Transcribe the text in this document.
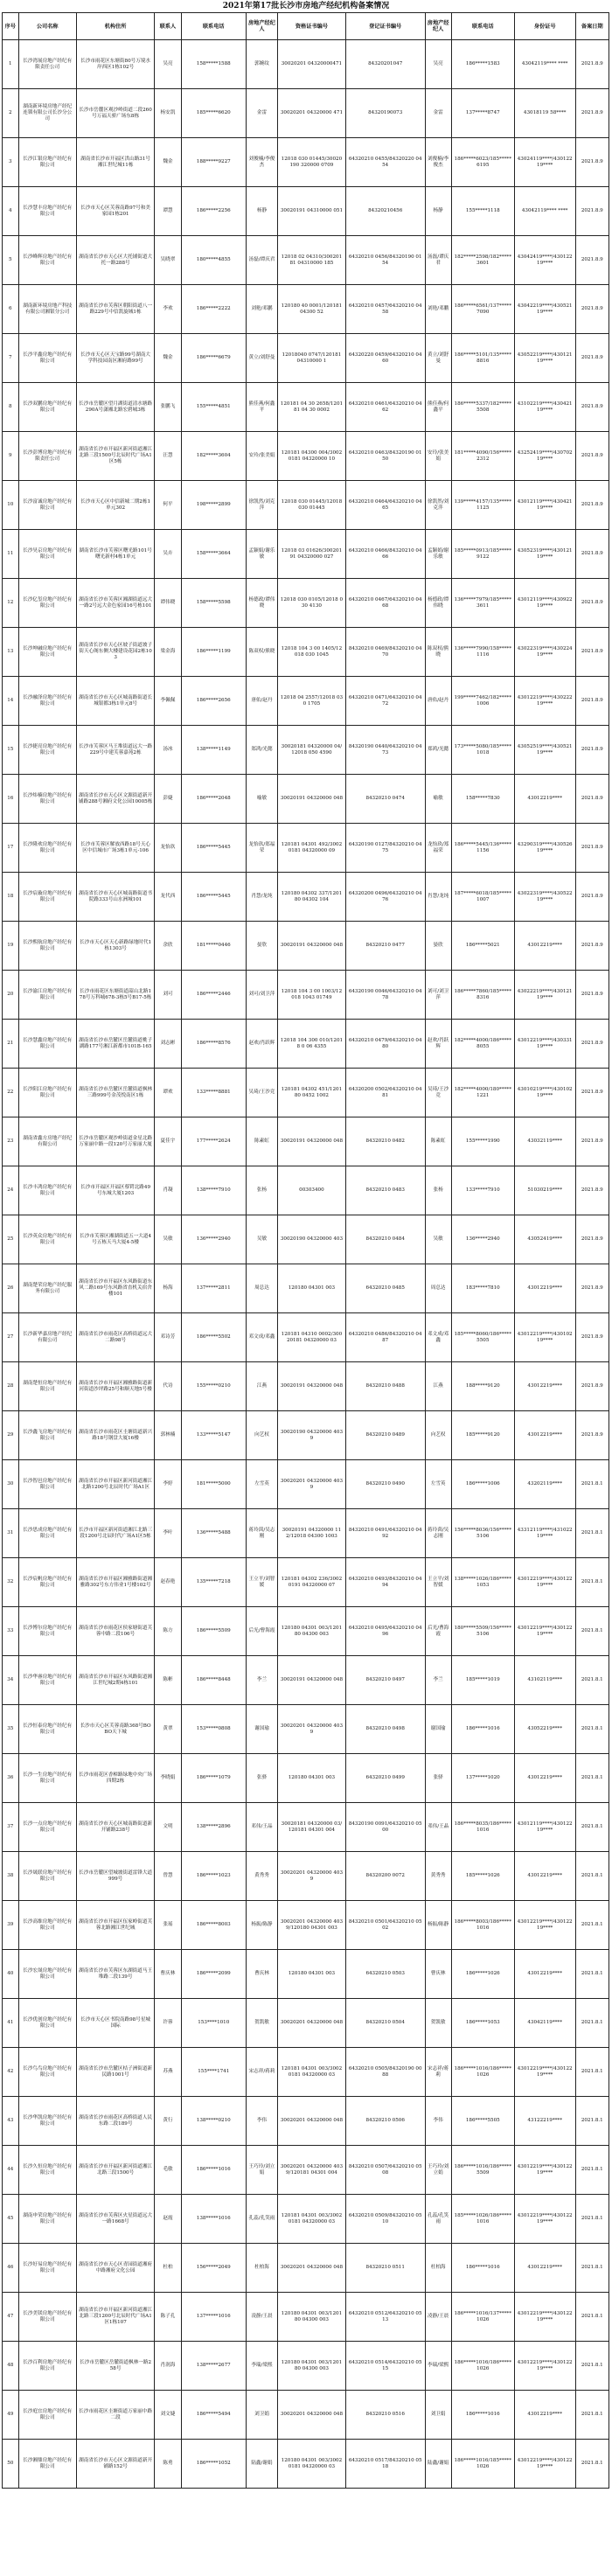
2021年第17批长沙市房地产经纪机构备案情况
序号	公司名称	机构住所	联系人	联系电话	房地产经纪人	资格证书编号	登记证书编号	房地产经纪人	联系电话	身份证号	备案日期
1	长沙湾展房地产经纪有限责任公司	长沙市雨花区东塘街80号万境水岸西区1栋102号	吴亮	158*****1588	郭婉纹	30020201 04320000471	84320201047	吴亮	186*****1583	43042119**** ****	2021.8.9
2	湖南新环境房地产经纪连锁有限公司长沙分公司	长沙市岳麓区观沙岭街道二段260号万福天骄广场东8栋	杨安凯	185*****6620	金雷	30020201 04320000 471	84320190073	金雷	137*****8747	43018119 58****	2021.8.9
3	长沙江银房地产经纪有限公司	湖南省长沙市开福区洪山路31号 湘江世纪城11栋	魏金	188*****9227	刘俊楠/李俊杰	12018 030 01445/30020190 320000 0709	64320210 0455/84320220 0454	刘俊楠/李俊杰	186*****6023/185*****6195	43024119****/43012219****	2021.8.9
4	长沙慧丰房地产经纪有限公司	长沙市天心区芙蓉南路97号和美家园1栋201	谭慧	186*****2256	杨静	30020191 04310000 051	84320210456	杨静	155*****1118	43042119**** ****	2021.8.9
5	长沙峰辉房地产经纪有限公司	湖南省长沙市天心区大托铺街道大托一路288号	吴晓翠	180*****4855	汤磊/谭庆君	12018 02 04310/30020181 04310000 185	64320210 0456/84320190 0154	汤磊/谭庆君	182*****2598/182*****3601	43042419****/43012219****	2021.8.9
6	湖南新环境房地产科技有限公司湘银分公司	湖南省长沙市芙蓉区朝阳街道八一路229号中信凯旋城1栋	李欢	186*****2222	刘艳/邓鹏	120180 40 0001/120181 04300 52	64320210 0457/64320210 0458	刘艳/邓鹏	186*****6561/137*****7090	43042219****/43052119****	2021.8.9
7	长沙平鑫房地产经纪有限公司	长沙市天心区天宝路99号湖南大学科技园南区湘府路99号	魏金	186*****6679	黄立/刘舒曼	12018040 0747/120181 04310000 1	64320220 0459/64320210 0460	黄立/刘舒曼	186*****5101/135*****8816	43052219****/43012119****	2021.8.9
8	长沙双鹏房地产经纪有限公司	长沙市岳麓区望月湖街道清水塘路290A号潇湘北路宏碧城3栋	张鹏飞	155*****4851	熊佳燕/何鑫平	120181 04 30 2658/120181 04 30 0002	64320210 0461/64320210 0462	熊佳燕/何鑫平	186*****5337/182*****5508	43102219****/43042119****	2021.8.9
9	长沙彭博房地产经纪有限责任公司	湖南省长沙市开福区新河街道湘江北路三段1500号北辰时代广场A1区5栋	汪慧	182*****3604	安玲/张美娟	120181 04300 004/30020181 04320000 10	64320210 0463/84320190 0150	安玲/张美娟	181*****4090/156*****2312	43252419****/43070219****	2021.8.9
10	长沙富诚房地产经纪有限公司	长沙市天心区中信新城二期2栋1单元302	何平	198*****2899	徐凯然/刘克萍	12018 030 01445/12018 030 01445	64320210 0464/64320210 0465	徐凯然/刘克萍	139*****4157/135*****1125	43012119****/43042119****	2021.8.9
11	长沙昊京房地产经纪有限公司	湖南省长沙市芙蓉区曙光路101号曙光新村4栋1单元	吴卉	158*****3664	孟颖娟/谢乐敏	12018 03 01626/30020191 04320000 027	64320210 0466/84320210 0466	孟颖娟/谢乐敏	185*****0913/185*****9122	43052319****/43012119****	2021.8.9
12	长沙亿玺房地产经纪有限公司	湖南省长沙市芙蓉区湘湖街道远大一路2号远大金色家园16号栋101	谭伟晓	158*****5598	杨德政/谭伟晓	12018 030 0105/12018 030 4130	64320210 0467/64320210 0468	杨德政/谭伟晓	136*****7979/185*****3611	43012119****/43092219****	2021.8.9
13	长沙坤融房地产经纪有限公司	湖南省长沙市天心区坡子街道坡子街天心阁东侧大楼建设花园2栋103	梁金海	186*****1199	陈双权/熊晓	12018 104 3 00 1405/12018 030 1045	84320210 0469/84320210 0470	陈双权/熊晓	136*****7990/158*****1116	43022319****/43022419****	2021.8.9
14	长沙融泽房地产经纪有限公司	湖南省长沙市天心区城南路街道长城银都3栋1单元8号	李佩佩	186*****2656	唐佑/赵丹	12018 04 2557/12018 030 1705	64320210 0471/64320210 0472	唐佑/赵丹	199*****7462/182*****1006	43012219****/43022219****	2021.8.9
15	长沙捷亮房地产经纪有限公司	长沙市芙蓉区马王堆街道远大一路229号中建芙蓉嘉苑2栋	汤冰	138*****1149	郑鸿/光懿	30020181 04320000 04/12018 050 4590	84320190 0440/64320210 0473	郑鸿/光懿	173*****5080/185*****1018	43052519****/43052119****	2021.8.9
16	长沙炜楠房地产经纪有限公司	湖南省长沙市天心区文源街道新开铺路288号湘府文化公园10005栋	彭婕	186*****2048	喻敏	30020191 04320000 048	84320210 0474	喻敏	158*****7830	43012219****	2021.8.9
17	长沙隆欢房地产经纪有限公司	长沙市芙蓉区解放西路18号天心区中信城市广场3栋1单元-106	龙怡玖	186*****5445	龙怡玖/郑福荣	120181 04301 492/30020181 04320000 09	64320190 0127/84320210 0475	龙怡玖/郑福荣	186*****5445/136*****1156	43290319****/43052619****	2021.8.9
18	长沙宸璇房地产经纪有限公司	湖南省长沙市天心区城南路街道书院路333号山水洲城101	龙代西	186*****5445	肖慧/龙纯	120180 04302 337/120180 04302 104	64320200 0496/64320210 0476	肖慧/龙纯	187*****6018/185*****1007	43022319****/43052219****	2021.8.9
19	长沙熙航房地产经纪有限公司	长沙市天心区天心新路绿地时代1栋1303号	余欣	181*****0446	晏欣	30020191 04320000 048	84320210 0477	晏欣	186*****5021	43012219****	2021.8.9
20	长沙渝江房地产经纪有限公司	长沙市雨花区东塘街道韶山北路178号万科城678-3栋5号B17-5栋	刘可	186*****2446	刘可/刘卫萍	12018 104 3 00 1003/12018 1043 01749	64320190 0046/64320210 0478	刘可/刘卫萍	186*****7860/185*****8316	43022219****/43012119****	2021.8.9
21	长沙慧鑫房地产经纪有限公司	湖南省长沙市岳麓区岳麓街道桃子湖路177号湘江新都市101B-165	刘志彬	186*****8576	赵欢/肖跃辉	12018 104 300 010/12018 0 06 4355	64320210 0479/64320210 0480	赵欢/肖跃辉	182*****4000/186*****8055	43012219****/43033119****	2021.8.9
22	长沙阳江房地产经纪有限公司	湖南省长沙市岳麓区岳麓街道枫林三路999号金茂悦南区1栋	谭欢	133*****8881	吴琦/王沙竞	120181 04302 451/120180 0452 1002	64320200 0502/64320210 0481	吴琦/王沙竞	182*****4000/180*****1221	43010219****/43010219****	2021.8.9
23	湖南省鑫方房地产经纪有限公司	长沙市岳麓区观沙岭街道金星北路万家丽中路一段120号万家丽大厦	夏佳宇	177*****2624	陈素虹	30020191 04320000 048	84320210 0482	陈素虹	155*****1990	43032119****	2021.8.9
24	长沙丰鸿房地产经纪有限公司	长沙市开福区开福区蔡锷北路49号东城大厦1203	肖凝	138*****7910	张杨	00303400	84320210 0483	张杨	133*****7910	51030219****	2021.8.9
25	长沙英众房地产经纪有限公司	长沙市芙蓉区湘湖街道五一大道4号五栋天马大厦4-5楼	吴敏	136*****2940	吴敏	30020190 04320000 403	84320210 0484	吴敏	136*****2940	43052419****	2021.8.9
26	湖南楚荣房地产经纪服务有限公司	湖南省长沙市开福区东风路街道东风二路169号东风路省直机关宿舍楼101	杨海	137*****2811	周总达	120180 04301 003	64320210 0485	周总达	183*****7810	43012219****	2021.8.9
27	长沙新华嘉房地产经纪有限公司	湖南省长沙市雨花区高桥街道远大二路98号	邓诗芳	186*****5502	邓文成/邓鑫	120181 04310 0002/30020181 04320000 03	64320210 0486/84320210 0487	邓文成/邓鑫	185*****8060/186*****5505	43012219****/43010219****	2021.8.9
28	湖南楚恒房地产经纪有限公司	湖南省长沙市开福区湘雅路街道新河街道沙坪路25号和顺天地5号楼	代诗	155*****0210	江燕	30020191 04320000 048	84320210 0488	江燕	188*****9120	43012219****	2021.8.9
29	长沙鑫飞房地产经纪有限公司	湖南省长沙市雨花区圭塘街道新兴路18号钢盘大厦16楼	郭林楠	133*****5147	向艺权	30020190 04320000 4039	84320210 0489	向艺权	185*****9120	43012219****	2021.8.9
30	长沙智邑房地产经纪有限公司	湖南省长沙市开福区新河街道湘江北路1200号北辰时代广场A1区	李婷	181*****5000	左雪英	30020201 04320000 4039	84320210 0490	左雪英	186*****1006	43202119****	2021.8.1
31	长沙思成房地产经纪有限公司	长沙市开福区新河街道湘江北路三段1200号北辰时代广场A1区5栋	李叶	136*****5488	蒋玲茵/吴志刚	30020191 04320000 112/12018 04300 1003	84320210 0491/64320210 0492	蒋玲茵/吴志刚	156*****8036/156*****5106	43312119****/43102219****	2021.8.1
32	长沙宸帆房地产经纪有限公司	湖南省长沙市开福区湘雅路街道湘雅路302号东方伟业1号楼102号	赵春艳	135*****7218	王立平/刘智媛	120181 04302 236/30020191 04320000 07	64320210 0493/84320210 0494	王立平/刘智媛	138*****1026/186*****1053	43012219****/43012219****	2021.8.1
33	长沙博尔房地产经纪有限公司	湖南省长沙市雨花区侯家塘街道芙蓉中路二段106号	陈方	186*****5509	后光/曹海霞	120180 04301 003/120180 04300 003	64320210 0495/64320210 0496	后光/曹海霞	180*****5509/156*****5106	43012219****/43012219****	2021.8.1
34	长沙华睿房地产经纪有限公司	湖南省长沙市开福区东风路街道湘江世纪城2期4栋101	陈彬	186*****8448	李兰	30020191 04320000 048	84320210 0497	李兰	185*****1019	43102119****	2021.8.1
35	长沙恒泰房地产经纪有限公司	长沙市天心区芙蓉南路368号BOBO天下城	黄翠	153*****0808	谢国瑜	30020201 04320000 4039	84320210 0498	谢国瑜	186*****1016	43052219****	2021.8.1
36	长沙一生房地产经纪有限公司	长沙市雨花区香樟路绿地中央广场四期2栋	李晓娟	186*****1079	张驿	120180 04301 003	64320210 0499	张驿	137*****1020	43012219****	2021.8.1
37	长沙一点房地产经纪有限公司	湖南省长沙市天心区城南路街道新开铺路238号	文明	138*****2896	邓伟/王晶	30020181 04320000 03/120181 04301 004	84320190 0091/64320210 0500	邓伟/王晶	186*****8035/186*****1016	43012119****/43012219****	2021.8.1
38	长沙晟联房地产经纪有限公司	长沙市岳麓区望城坡街道雷锋大道999号	曾慧	186*****1023	黄秀秀	30020201 04320000 4039	84320200 0072	黄秀秀	185*****1026	43012219****	2021.8.1
39	长沙高维房地产经纪有限公司	湖南省长沙市开福区伍家岭街道芙蓉北路湘江世纪城	张瑶	186*****8003	杨振/陈静	30020201 04320000 4039/120180 04301 003	84320210 0501/64320210 0502	杨振/陈静	186*****8003/186*****1016	43012219****/43012219****	2021.8.1
40	长沙宏晟房地产经纪有限公司	湖南省长沙市芙蓉区东湖街道马王堆路二段139号	曹庆林	186*****2099	曹庆林	120180 04301 003	64320210 0503	曹庆林	186*****1026	43012219****	2021.8.1
41	长沙优创房地产经纪有限公司	长沙市天心区书院南路98号星城国际	许蓉	153****1010	贺凯敏	30020201 04320000 048	84320210 0504	贺凯敏	186*****1053	43042119****	2021.8.1
42	长沙鸟鸟房地产经纪有限公司	湖南省长沙市岳麓区桔子洲街道新民路1001号	苏燕	155****1741	宋志祥/蒋莉	120181 04301 003/30020181 04320000 03	64320210 0505/84320190 0088	宋志祥/蒋莉	186*****1016/186*****1026	43012219****/43012219****	2021.8.1
43	长沙华凯房地产经纪有限公司	湖南省长沙市雨花区高桥街道人民东路二段189号	黄行	138*****0210	李伟	30020201 04320000 048	84320210 0506	李伟	186*****5505	43122219****	2021.8.1
44	长沙久恒房地产经纪有限公司	湖南省长沙市开福区新河街道湘江北路三段1500号	毛敏	186*****1016	王巧玲/刘立娟	30020201 04320000 4039/120181 04301 004	84320210 0507/64320210 0508	王巧玲/刘立娟	186*****1016/186*****5509	43012219****/43012219****	2021.8.1
45	湖南申荣房地产经纪有限公司	湖南省长沙市芙蓉区火星街道远大一路1668号	赵霞	138*****1016	孔蕊/孔笑雨	120181 04301 003/30020181 04320000 03	64320210 0509/84320210 0510	孔蕊/孔笑雨	185*****1026/186*****1016	43012219****/43012219****	2021.8.1
46	长沙好易房地产经纪有限公司	湖南省长沙市天心区青园街道湘府中路湘府文化公园	杜柏	156*****2049	杜柏海	30020201 04320000 048	84320210 0511	杜柏海	186*****1016	43012219****	2021.8.1
47	长沙美镁房地产经纪有限公司	湖南省长沙市开福区新河街道湘江北路三段1200号北辰时代广场A1区1栋107	陈子孔	137*****1016	凌静/王晨	120180 04301 003/120180 04300 003	64320210 0512/64320210 0513	凌静/王晨	186*****1016/137*****1026	43012219****/43012219****	2021.8.1
48	长沙百利房地产经纪有限公司	长沙市岳麓区岳麓街道枫林一路258号	肖润海	138*****2677	李瑞/梁熙	120180 04301 003/120180 04300 003	64320210 0514/64320210 0515	李瑞/梁熙	186*****1016/186*****1026	43012219****/43012219****	2021.8.1
49	长沙庭宜房地产经纪有限公司	长沙市雨花区圭塘街道万家丽中路二段	刘文婕	186*****5494	刘卫娟	30020201 04320000 048	84320210 0516	刘卫娟	186*****1016	43012219****	2021.8.1
50	长沙湘鼎房地产经纪有限公司	湖南省长沙市天心区文源街道新开铺路152号	陈勇	186*****1052	陆鑫/谢娟	120180 04301 003/30020181 04320000 03	64320210 0517/84320210 0518	陆鑫/谢娟	186*****1016/185*****1026	43012219****/43012219****	2021.8.1
